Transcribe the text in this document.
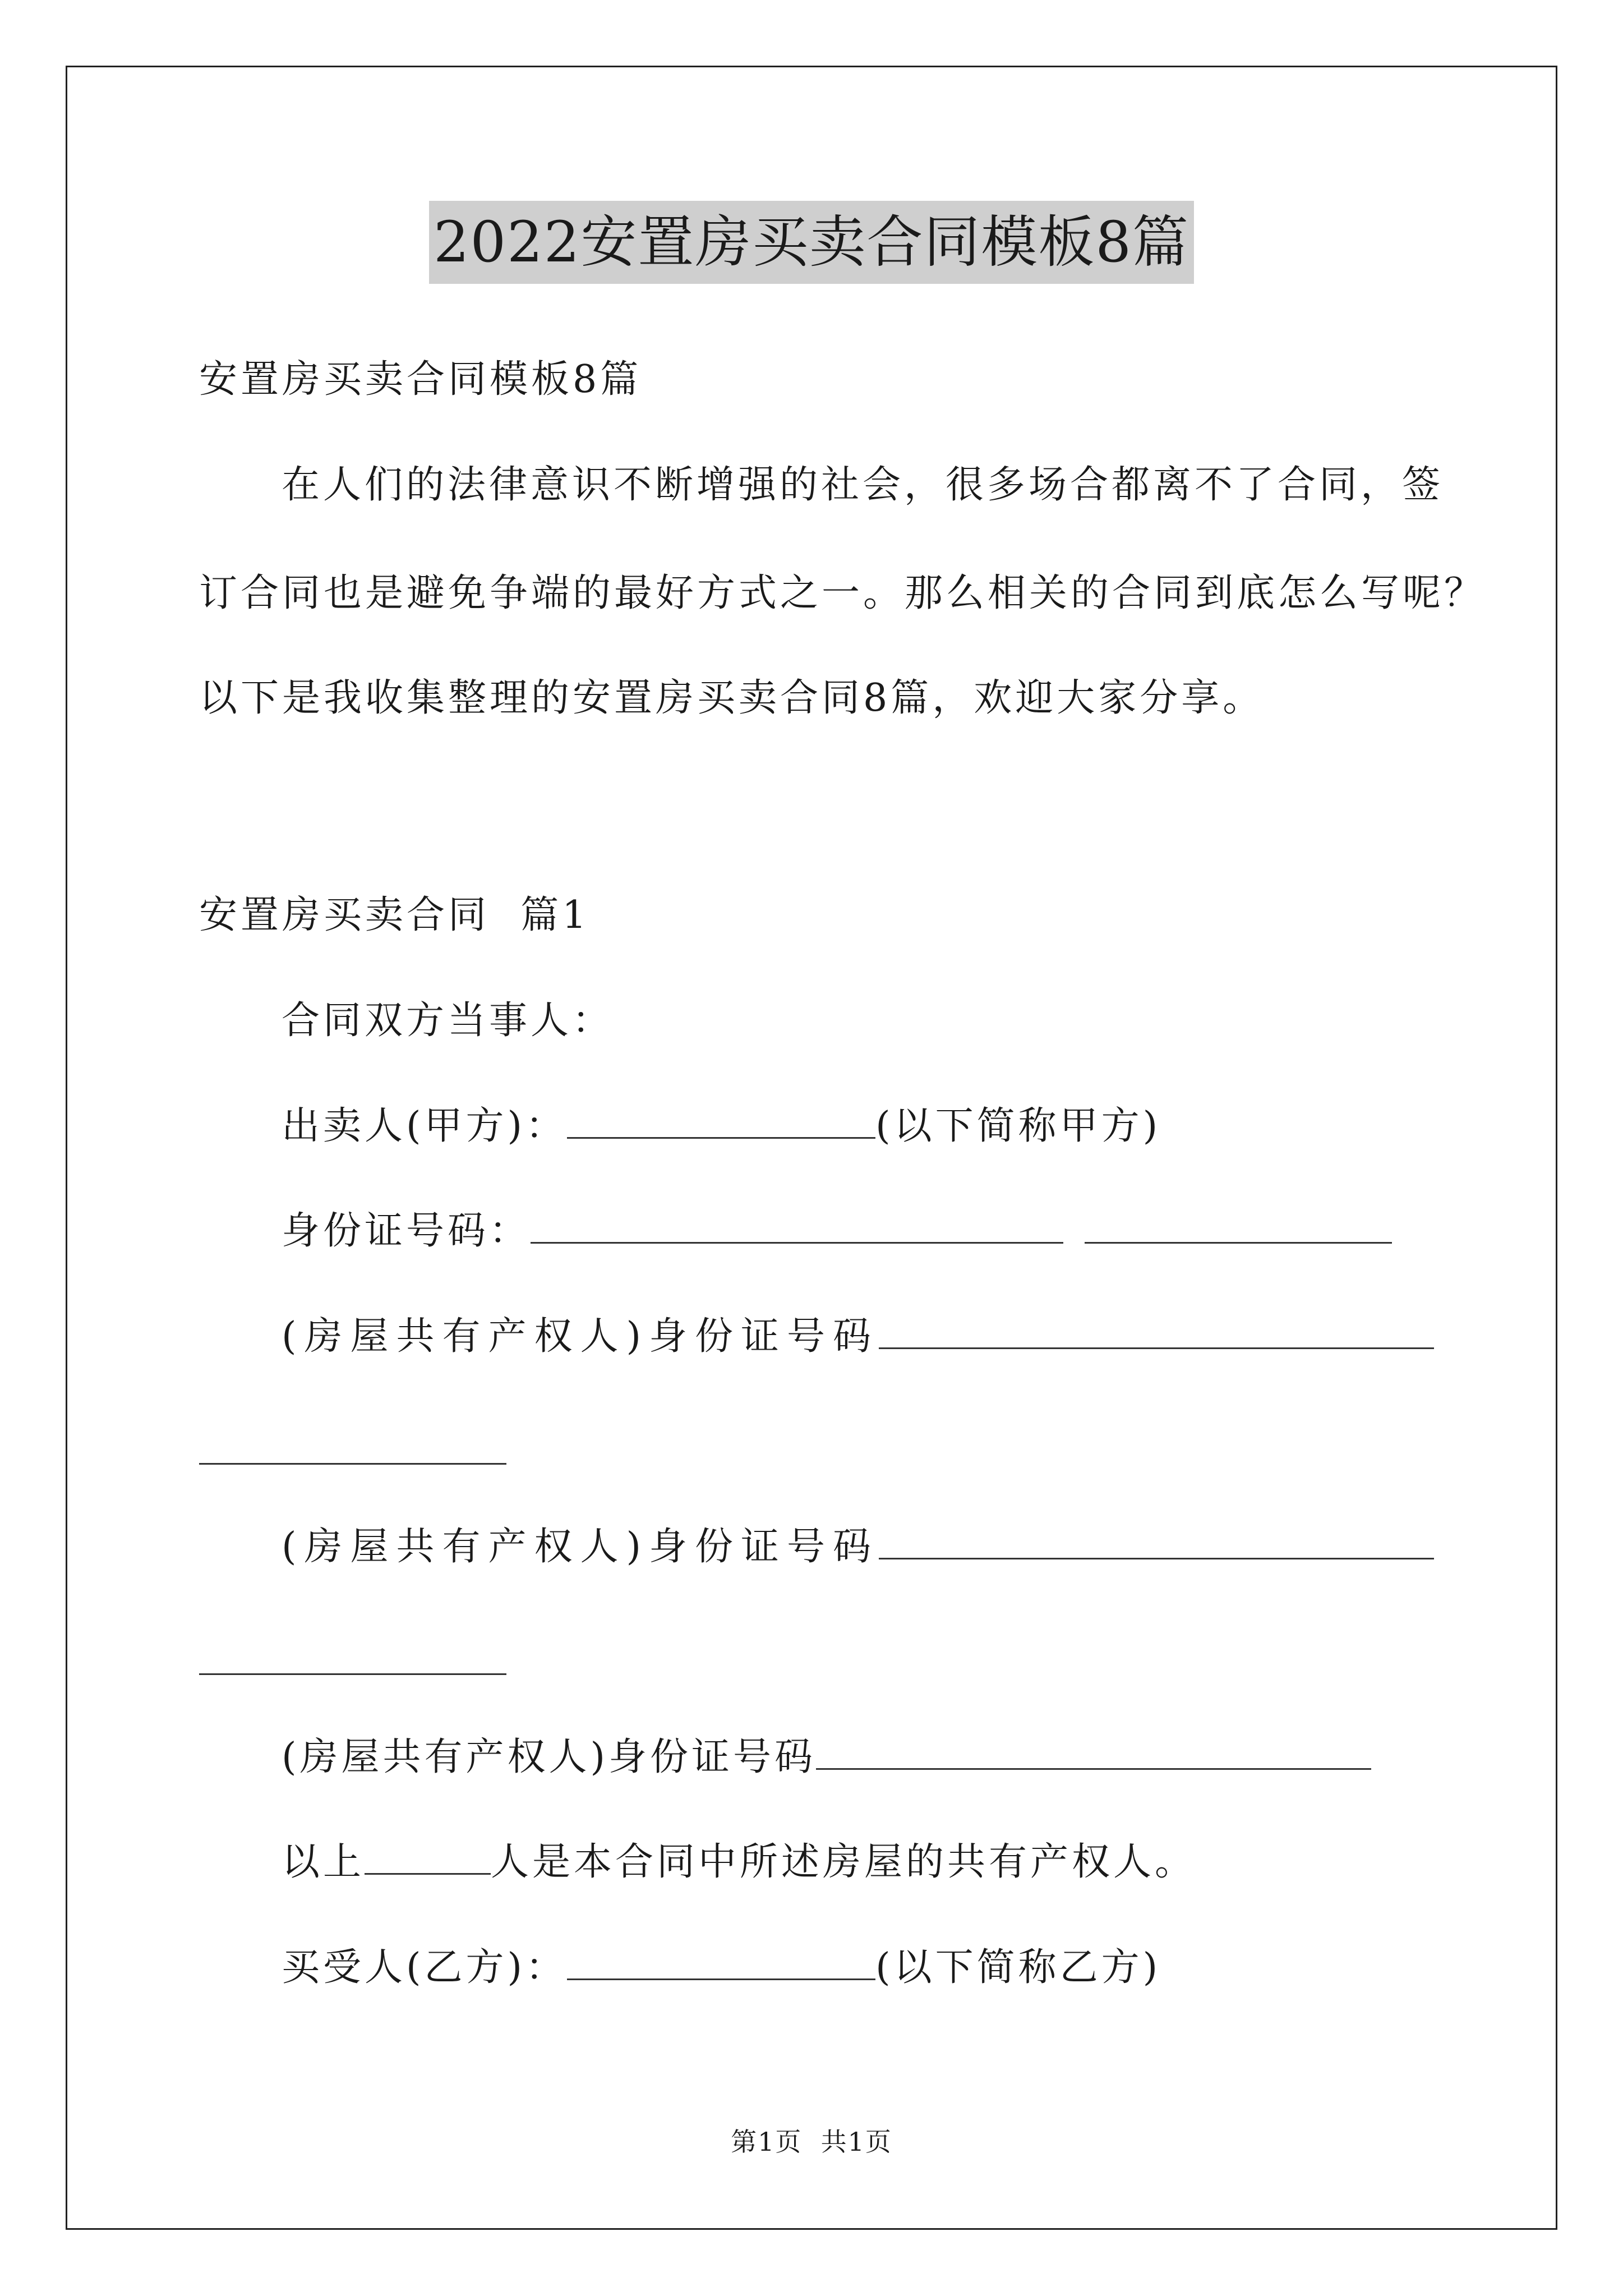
2022安置房买卖合同模板8篇
安置房买卖合同模板8篇
在人们的法律意识不断增强的社会，很多场合都离不了合同，签
订合同也是避免争端的最好方式之一。那么相关的合同到底怎么写呢？
以下是我收集整理的安置房买卖合同8篇，欢迎大家分享。
安置房买卖合同  篇1
合同双方当事人：
出卖人(甲方)：	(以下简称甲方)
身份证号码：
(房屋共有产权人)身份证号码
(房屋共有产权人)身份证号码
(房屋共有产权人)身份证号码
以上	人是本合同中所述房屋的共有产权人。
买受人(乙方)：	(以下简称乙方)
第1页  共1页
